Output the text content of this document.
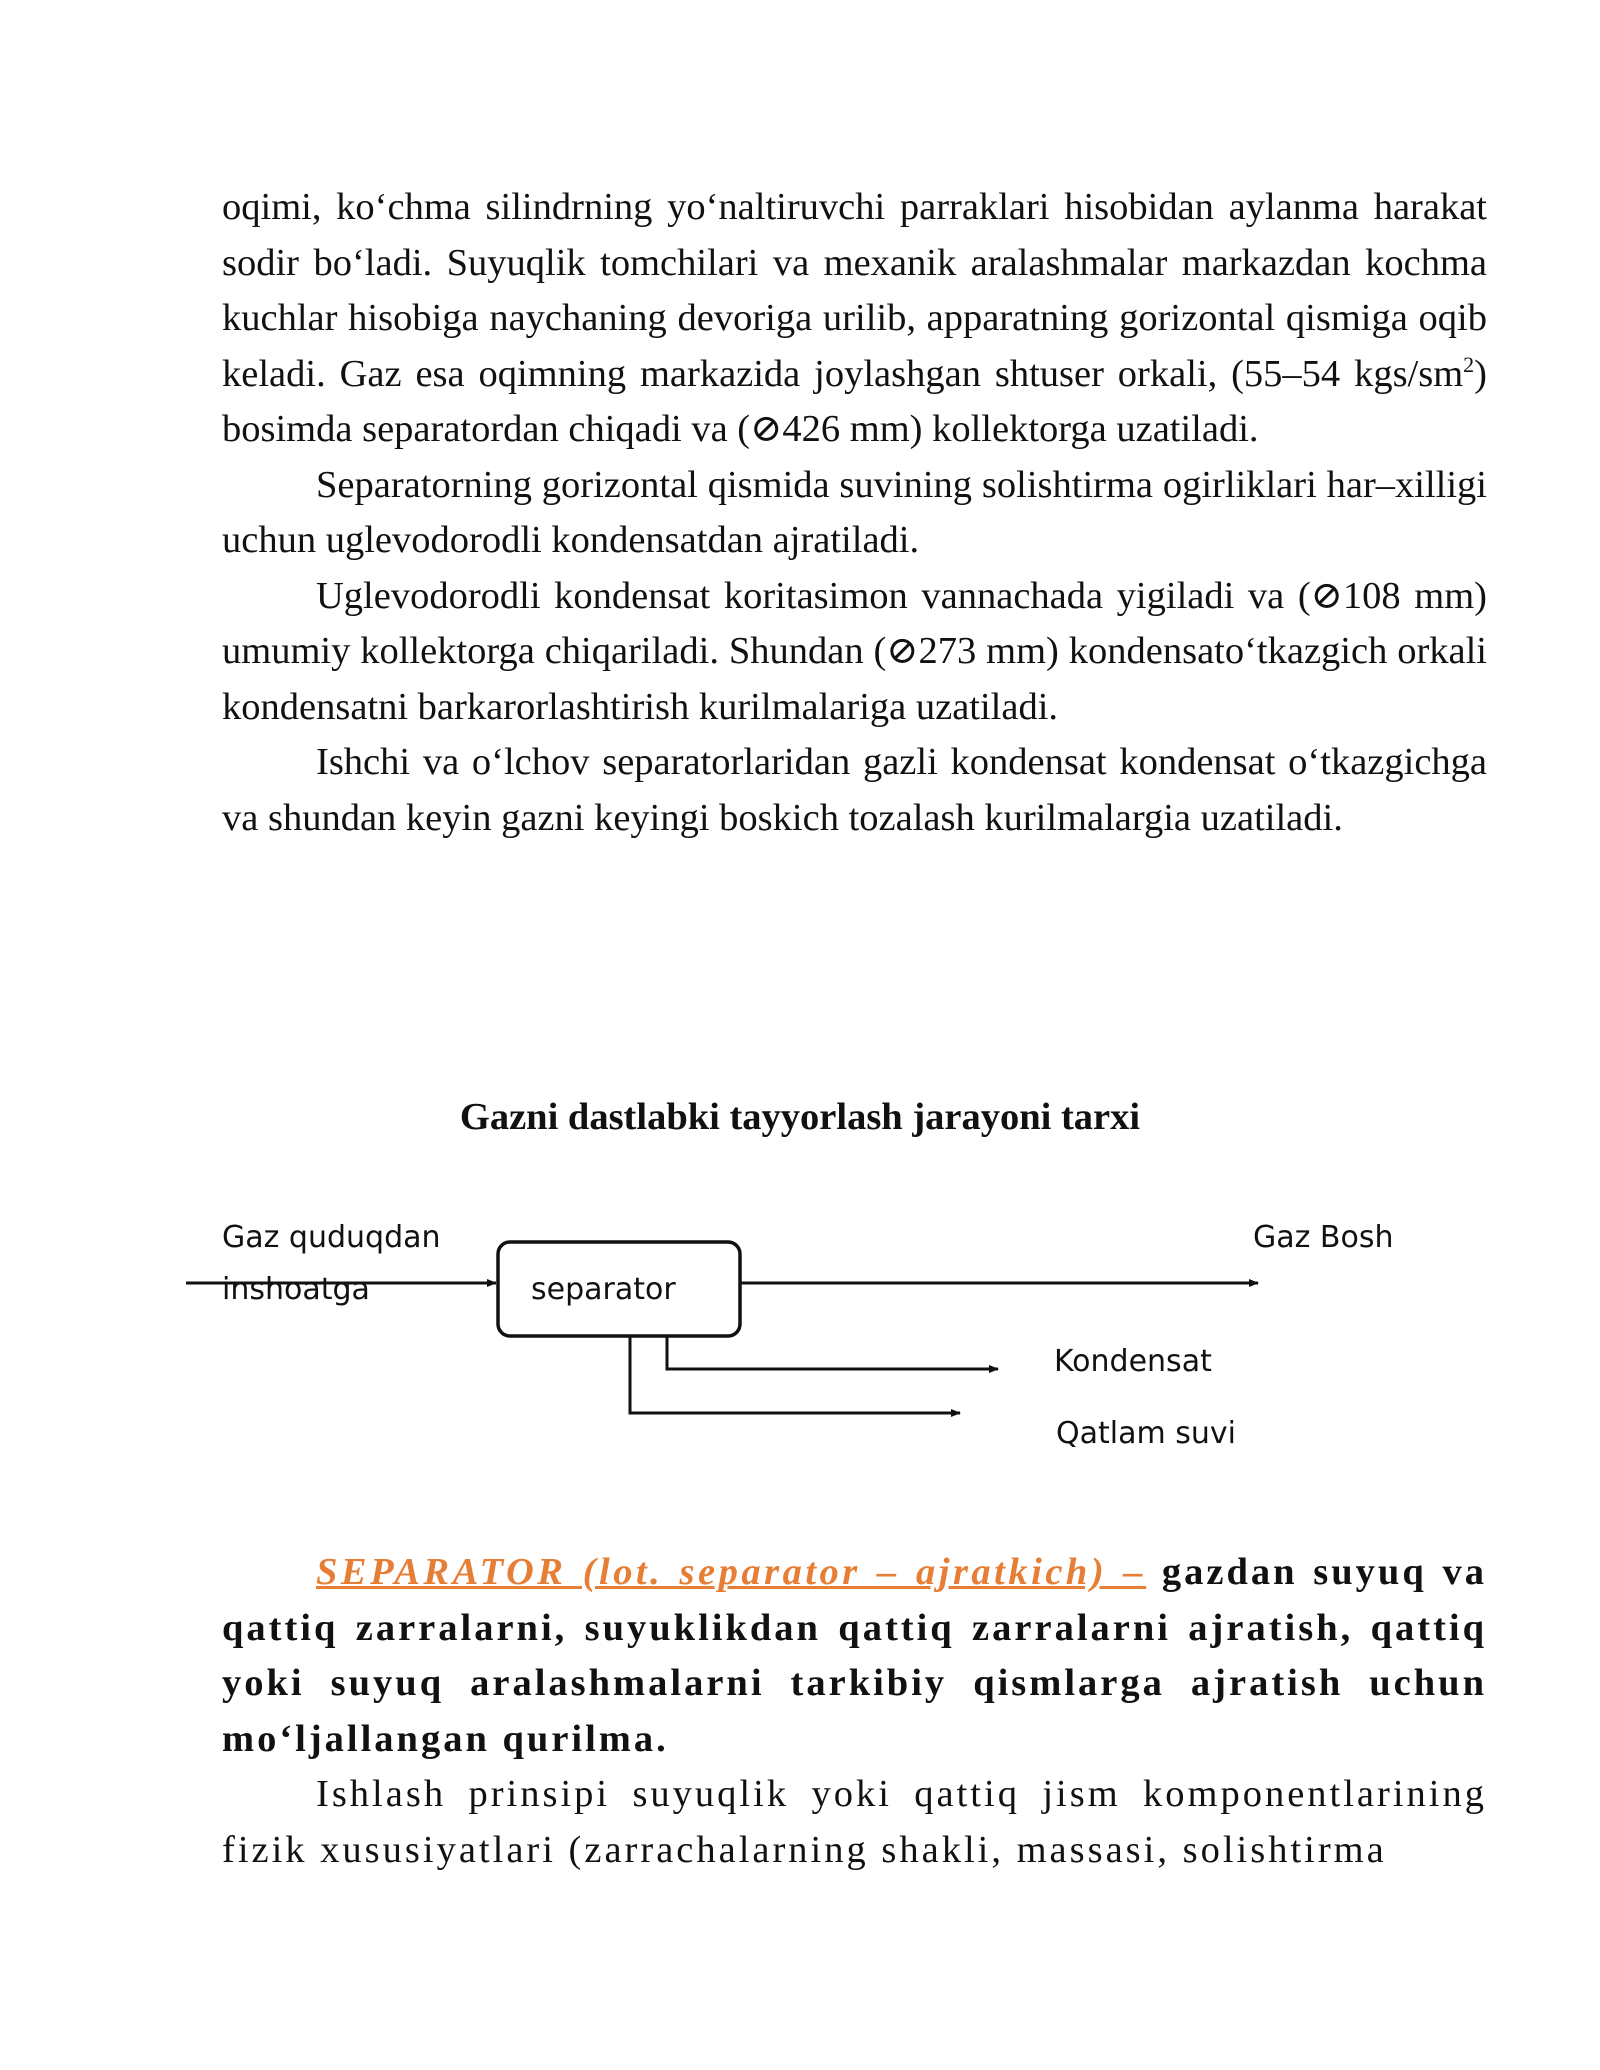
oqimi, ko‘chma silindrning yo‘naltiruvchi parraklari hisobidan aylanma harakat sodir bo‘ladi. Suyuqlik tomchilari va mexanik aralashmalar markazdan kochma kuchlar hisobiga naychaning devoriga urilib, apparatning gorizontal qismiga oqib keladi. Gaz esa oqimning markazida joylashgan shtuser orkali, (55–54 kgs/$sm^2$) bosimda separatordan chiqadi va (⊘426 mm) kollektorga uzatiladi.

Separatorning gorizontal qismida suvining solishtirma ogirliklari har–xilligi uchun uglevodorodli kondensatdan ajratiladi.

Uglevodorodli kondensat koritasimon vannachada yigiladi va (⊘108 mm) umumiy kollektorga chiqariladi. Shundan (⊘273 mm) kondensato‘tkazgich orkali kondensatni barkarorlashtirish kurilmalariga uzatiladi.

Ishchi va o‘lchov separatorlaridan gazli kondensat kondensat o‘tkazgichga va shundan keyin gazni keyingi boskich tozalash kurilmalargia uzatiladi.

Gazni dastlabki tayyorlash jarayoni tarxi
Gaz quduqdan
inshoatga	separator
Gaz Bosh
Kondensat
Qatlam suvi

SEPARATOR (lot. separator – ajratkich) – gazdan suyuq va qattiq zarralarni, suyuklikdan qattiq zarralarni ajratish, qattiq yoki suyuq aralashmalarni tarkibiy qismlarga ajratish uchun mo‘ljallangan qurilma.

Ishlash prinsipi suyuqlik yoki qattiq jism komponentlarining fizik xususiyatlari (zarrachalarning shakli, massasi, solishtirma
